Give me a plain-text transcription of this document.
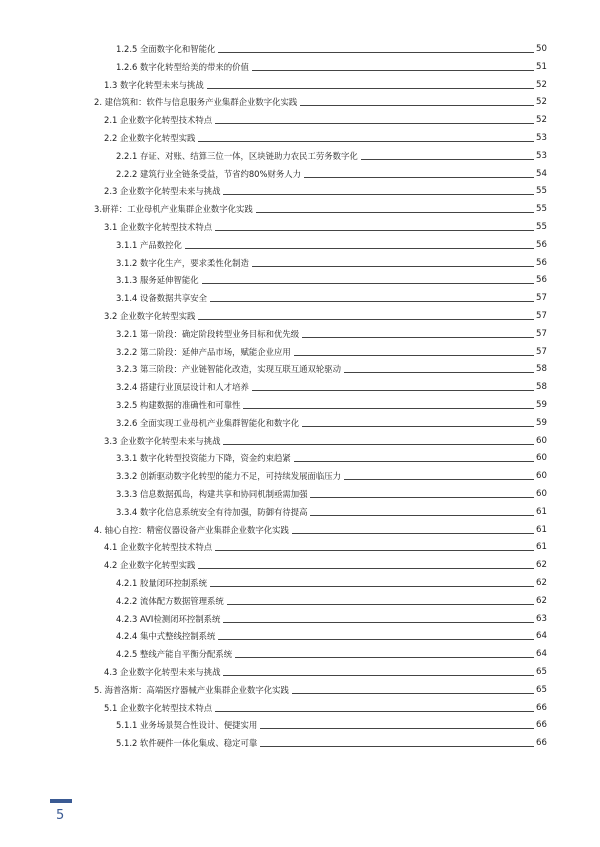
1.2.5 全面数字化和智能化	50
1.2.6 数字化转型给美的带来的价值	51
1.3 数字化转型未来与挑战	52
2. 建信筑和：软件与信息服务产业集群企业数字化实践	52
2.1 企业数字化转型技术特点	52
2.2 企业数字化转型实践	53
2.2.1 存证、对账、结算三位一体，区块链助力农民工劳务数字化	53
2.2.2 建筑行业全链条受益，节省约80%财务人力	54
2.3 企业数字化转型未来与挑战	55
3.研祥：工业母机产业集群企业数字化实践	55
3.1 企业数字化转型技术特点	55
3.1.1 产品数控化	56
3.1.2 数字化生产，要求柔性化制造	56
3.1.3 服务延伸智能化	56
3.1.4 设备数据共享安全	57
3.2 企业数字化转型实践	57
3.2.1 第一阶段：确定阶段转型业务目标和优先级	57
3.2.2 第二阶段：延伸产品市场，赋能企业应用	57
3.2.3 第三阶段：产业链智能化改造，实现互联互通双轮驱动	58
3.2.4 搭建行业顶层设计和人才培养	58
3.2.5 构建数据的准确性和可靠性	59
3.2.6 全面实现工业母机产业集群智能化和数字化	59
3.3 企业数字化转型未来与挑战	60
3.3.1 数字化转型投资能力下降，资金约束趋紧	60
3.3.2 创新驱动数字化转型的能力不足，可持续发展面临压力	60
3.3.3 信息数据孤岛，构建共享和协同机制亟需加强	60
3.3.4 数字化信息系统安全有待加强，防御有待提高	61
4. 轴心自控：精密仪器设备产业集群企业数字化实践	61
4.1 企业数字化转型技术特点	61
4.2 企业数字化转型实践	62
4.2.1 胶量闭环控制系统	62
4.2.2 流体配方数据管理系统	62
4.2.3 AVI检测闭环控制系统	63
4.2.4 集中式整线控制系统	64
4.2.5 整线产能自平衡分配系统	64
4.3 企业数字化转型未来与挑战	65
5. 海普洛斯：高端医疗器械产业集群企业数字化实践	65
5.1 企业数字化转型技术特点	66
5.1.1 业务场景契合性设计、便捷实用	66
5.1.2 软件硬件一体化集成、稳定可靠	66
5
